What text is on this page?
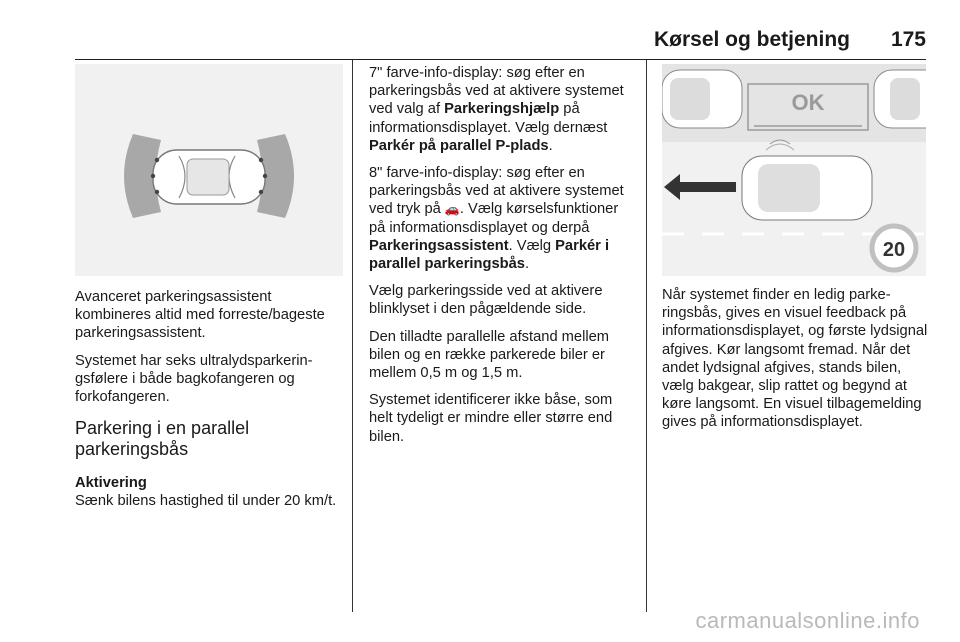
Kørsel og betjening 175

Avanceret parkeringsassistent kombineres altid med forreste/bageste parkeringsassistent.

Systemet har seks ultralydsparkeringsfølere i både bagkofangeren og forkofangeren.

Parkering i en parallel parkeringsbås

Aktivering

Sænk bilens hastighed til under 20 km/t.

7" farve-info-display: søg efter en parkeringsbås ved at aktivere systemet ved valg af Parkeringshjælp på informationsdisplayet. Vælg dernæst Parkér på parallel P-plads.

8" farve-info-display: søg efter en parkeringsbås ved at aktivere systemet ved tryk på 🚗. Vælg kørselsfunktioner på informationsdisplayet og derpå Parkeringsassistent. Vælg Parkér i parallel parkeringsbås.

Vælg parkeringsside ved at aktivere blinklyset i den pågældende side.

Den tilladte parallelle afstand mellem bilen og en række parkerede biler er mellem 0,5 m og 1,5 m.

Systemet identificerer ikke båse, som helt tydeligt er mindre eller større end bilen.

OK
20

Når systemet finder en ledig parkeringsbås, gives en visuel feedback på informationsdisplayet, og første lydsignal afgives. Kør langsomt fremad. Når det andet lydsignal afgives, stands bilen, vælg bakgear, slip rattet og begynd at køre langsomt. En visuel tilbagemelding gives på informationsdisplayet.

carmanualsonline.info
